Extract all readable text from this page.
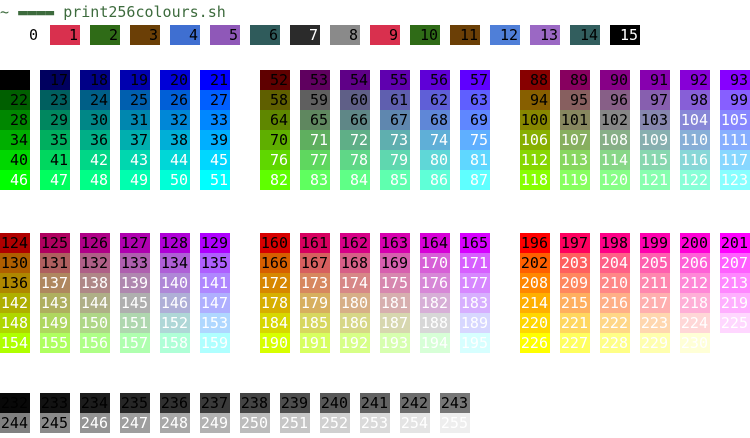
~ ▬▬▬▬ print256colours.sh
0	1	2	3	4	5	6	7	8	9	10	11	12	13	14	15
16	17	18	19	20	21
22	23	24	25	26	27
28	29	30	31	32	33
34	35	36	37	38	39
40	41	42	43	44	45
46	47	48	49	50	51
52	53	54	55	56	57
58	59	60	61	62	63
64	65	66	67	68	69
70	71	72	73	74	75
76	77	78	79	80	81
82	83	84	85	86	87
88	89	90	91	92	93
94	95	96	97	98	99
100 101 102 103 104 105
106 107 108 109 110 111
112 113 114 115 116 117
118 119 120 121 122 123
124 125 126 127 128 129
130 131 132 133 134 135
136 137 138 139 140 141
142 143 144 145 146 147
148 149 150 151 152 153
154 155 156 157 158 159
160 161 162 163 164 165
166 167 168 169 170 171
172 173 174 175 176 177
178 179 180 181 182 183
184 185 186 187 188 189
190 191 192 193 194 195
196 197 198 199 200 201
202 203 204 205 206 207
208 209 210 211 212 213
214 215 216 217 218 219
220 221 222 223 224 225
226 227 228 229 230 231
232 233 234 235 236 237 238 239 240 241 242 243
244 245 246 247 248 249 250 251 252 253 254 255
